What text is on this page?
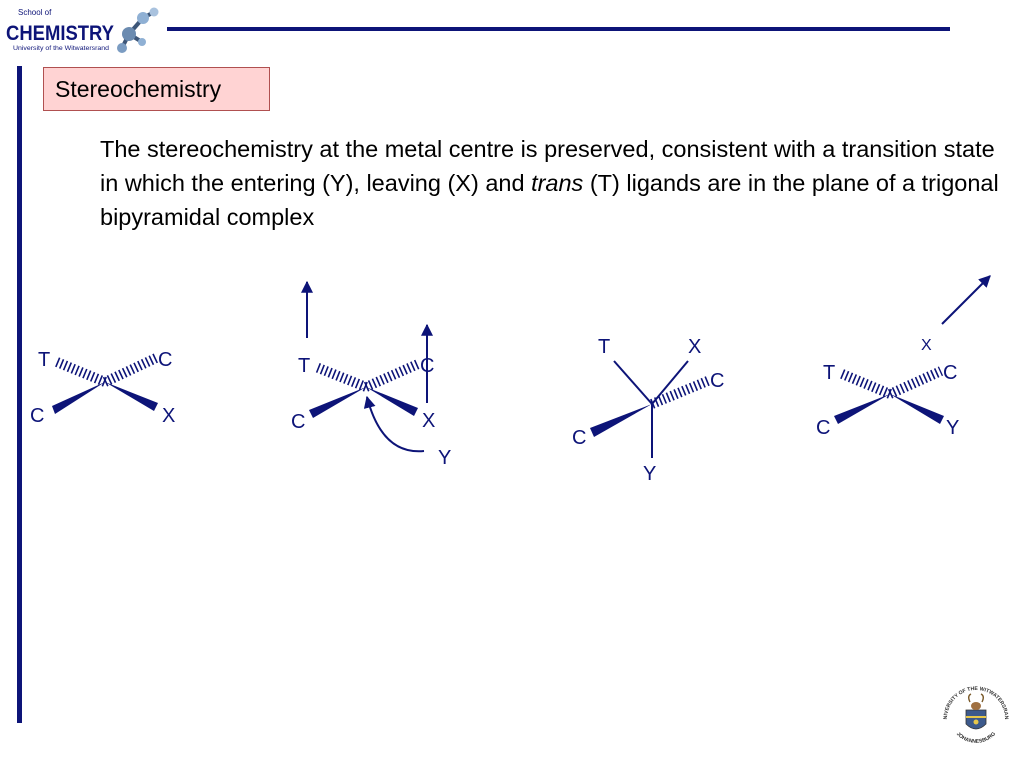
School of
CHEMISTRY
University of the Witwatersrand
Stereochemistry
The stereochemistry at the metal centre is preserved, consistent with a transition state in which the entering (Y), leaving (X) and trans (T) ligands are in the plane of a trigonal bipyramidal complex
T	C
C	X
T	C
C	X
Y
T	X
C
C
Y
X
T	C
C	Y
NIVERSITY OF THE WITWATERSRAN
JOHANNESBURG
